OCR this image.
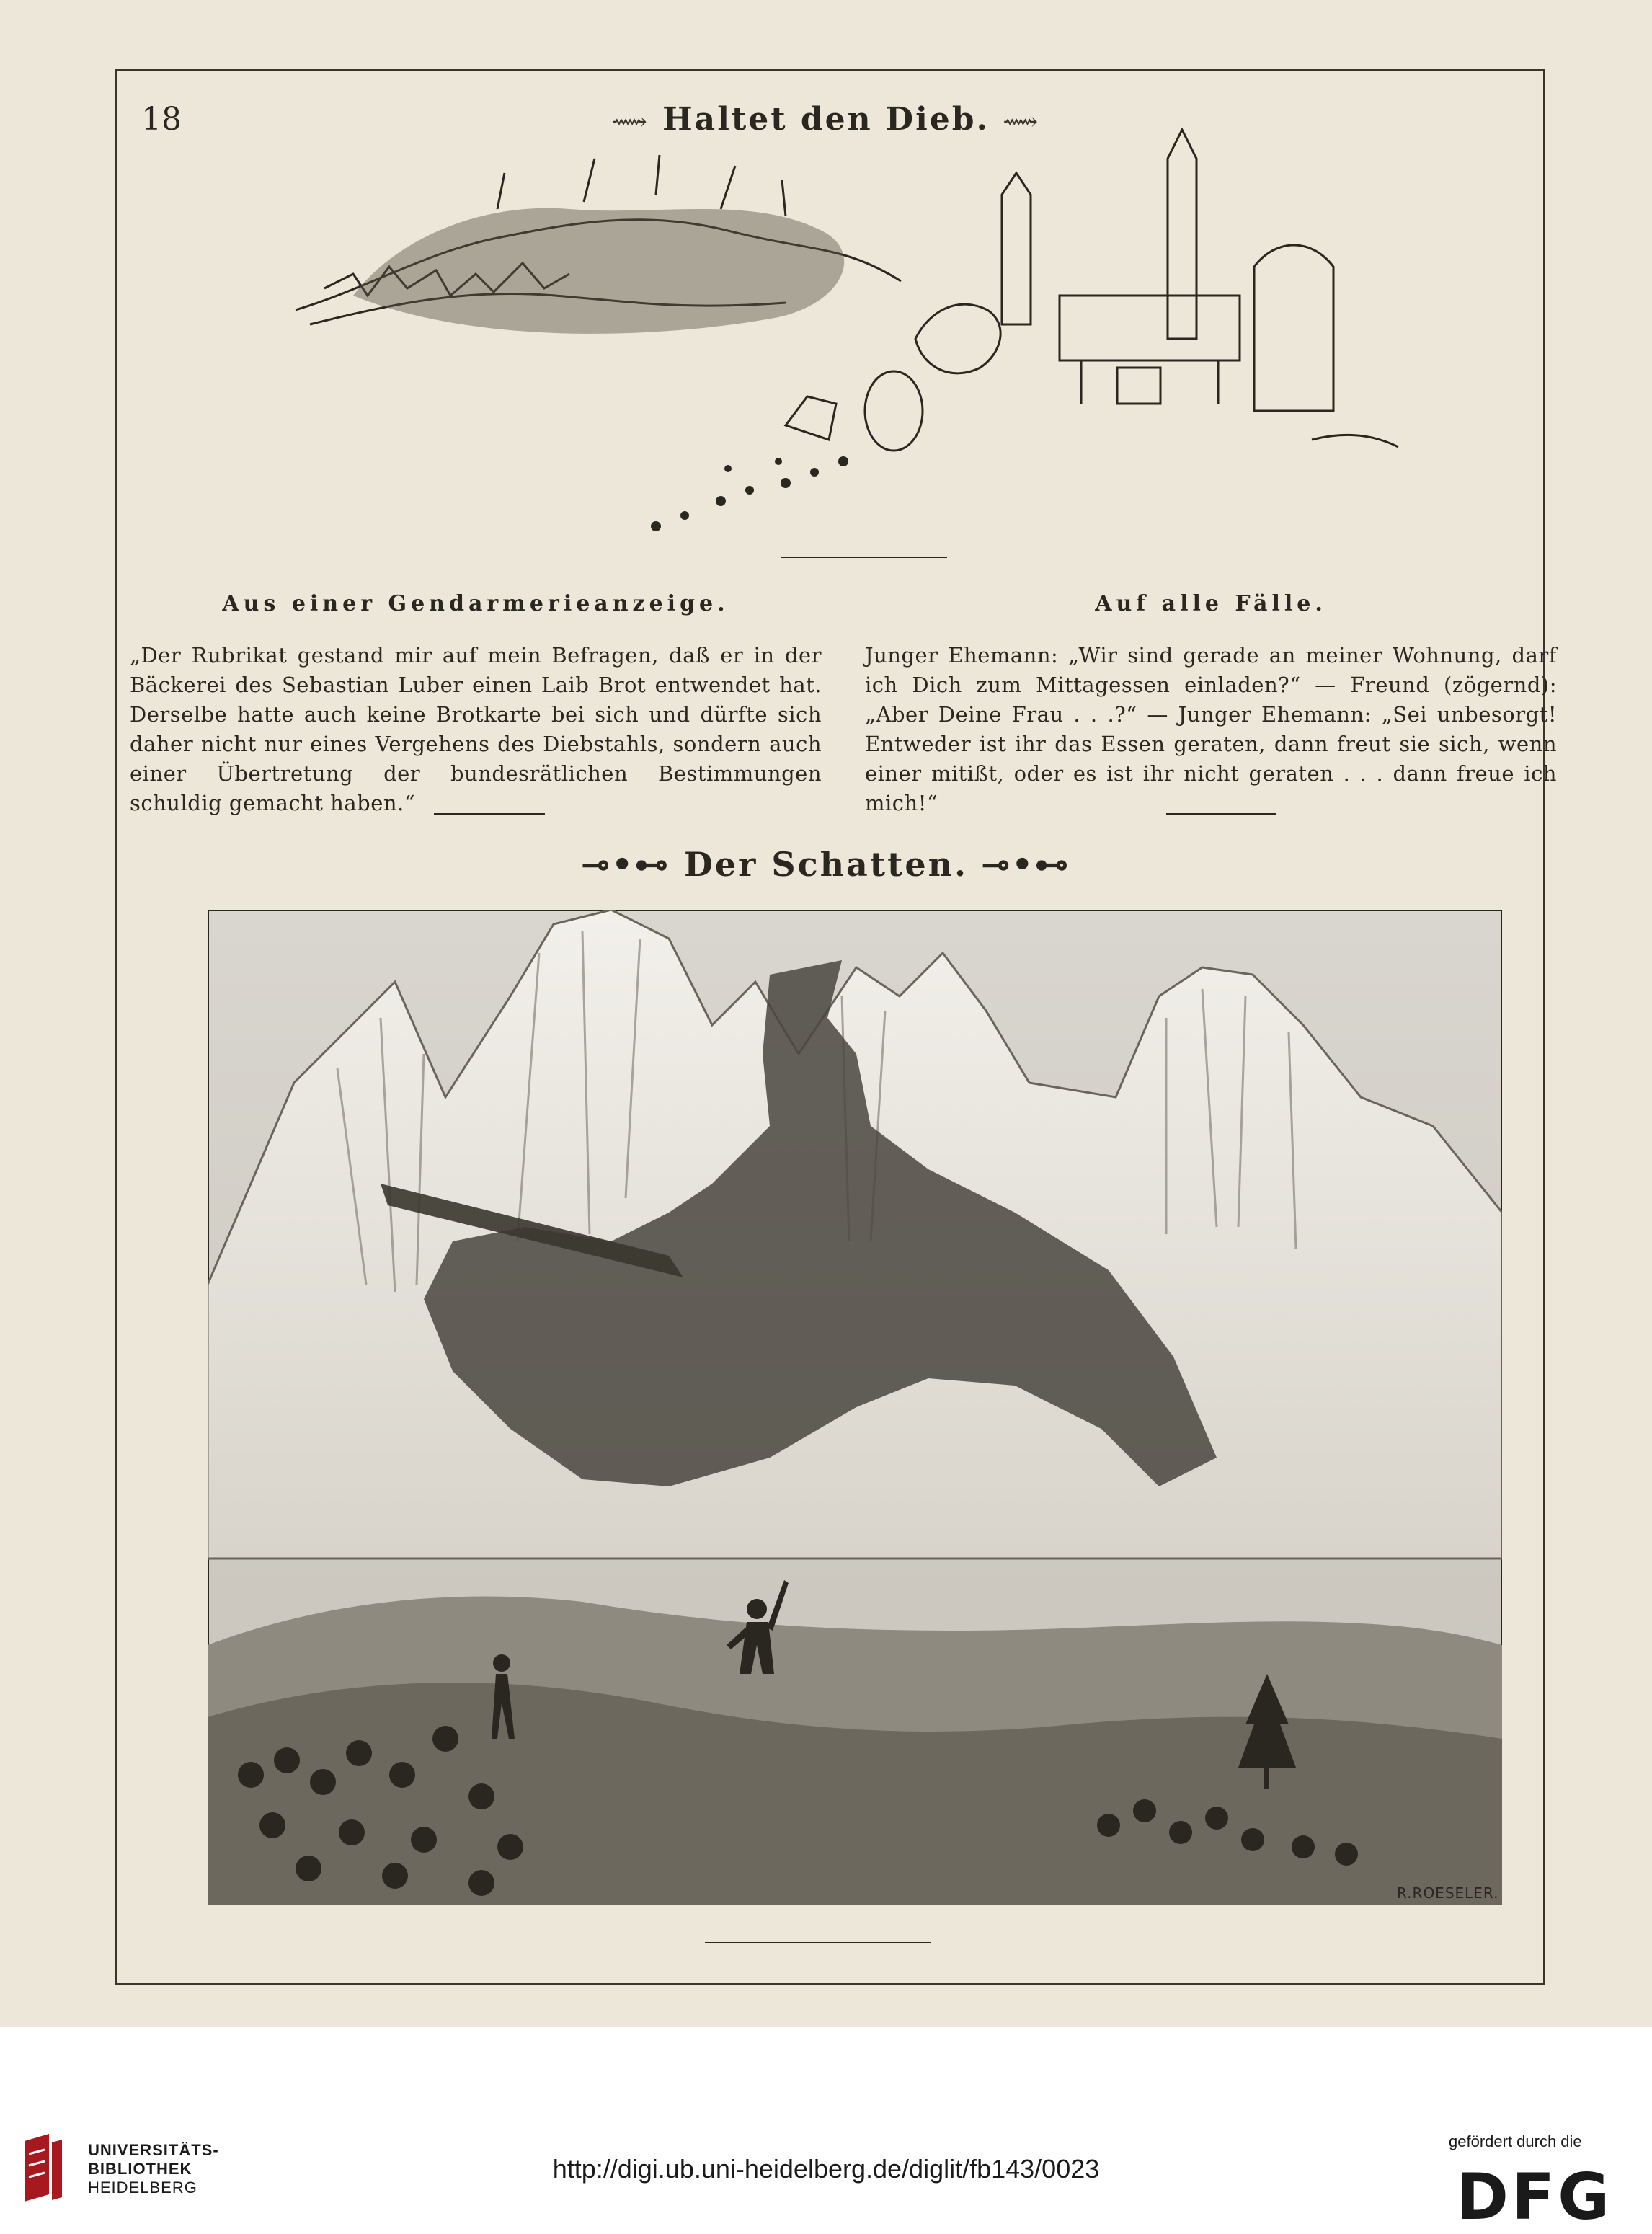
18	⟿ Haltet den Dieb. ⟿
Aus einer Gendarmerieanzeige.

„Der Rubrikat gestand mir auf mein Befragen, daß er in der Bäckerei des Sebastian Luber einen Laib Brot entwendet hat. Derselbe hatte auch keine Brotkarte bei sich und dürfte sich daher nicht nur eines Vergehens des Diebstahls, sondern auch einer Übertretung der bundesrätlichen Bestimmungen schuldig gemacht haben.“

Auf alle Fälle.

Junger Ehemann: „Wir sind gerade an meiner Wohnung, darf ich Dich zum Mittagessen einladen?“ — Freund (zögernd): „Aber Deine Frau . . .?“ — Junger Ehemann: „Sei unbesorgt! Entweder ist ihr das Essen geraten, dann freut sie sich, wenn einer mitißt, oder es ist ihr nicht geraten . . . dann freue ich mich!“

⊸•⊷ Der Schatten. ⊸•⊷
R.ROESELER.
UNIVERSITÄTS-
BIBLIOTHEK
HEIDELBERG
http://digi.ub.uni-heidelberg.de/diglit/fb143/0023
gefördert durch die
DFG
